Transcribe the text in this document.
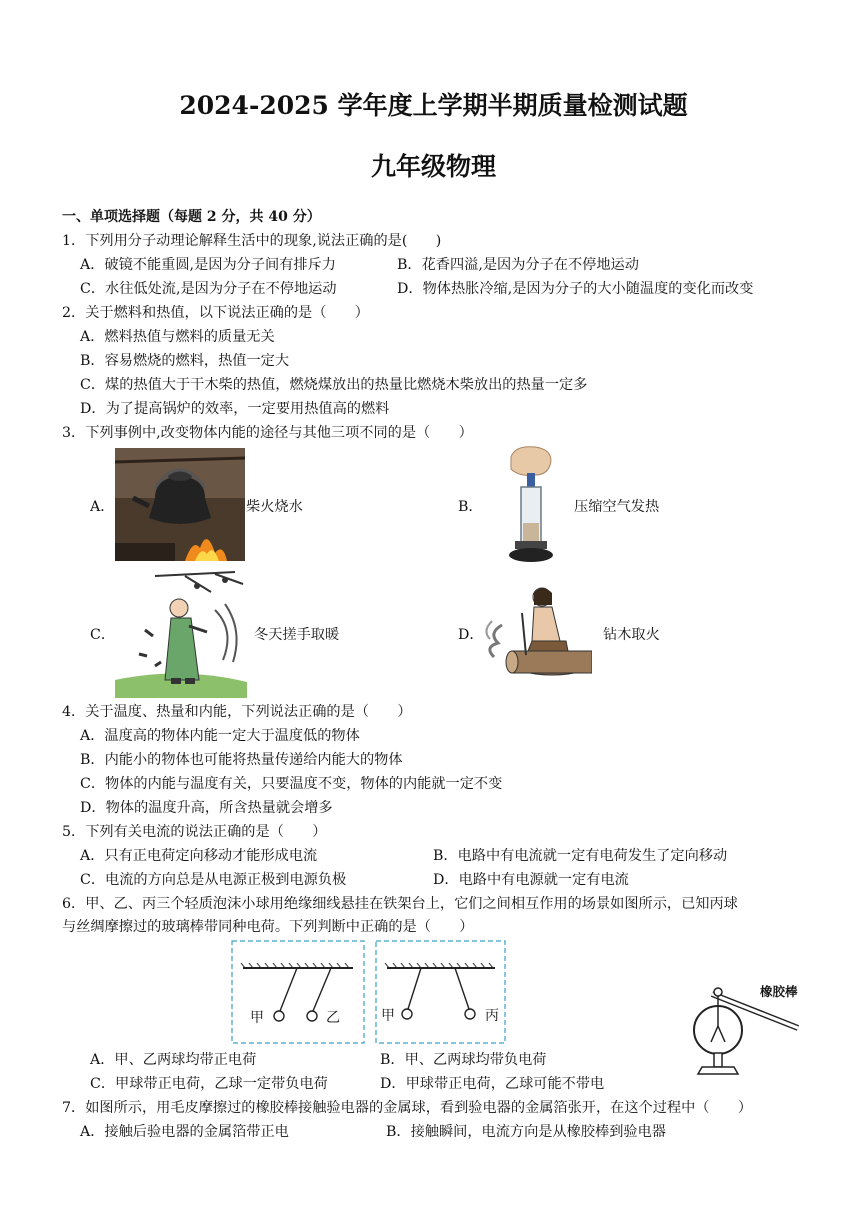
2024-2025 学年度上学期半期质量检测试题
九年级物理
一、单项选择题（每题 2 分，共 40 分）
1．下列用分子动理论解释生活中的现象,说法正确的是(　　)
A．破镜不能重圆,是因为分子间有排斥力	B．花香四溢,是因为分子在不停地运动
C．水往低处流,是因为分子在不停地运动	D．物体热胀冷缩,是因为分子的大小随温度的变化而改变
2．关于燃料和热值，以下说法正确的是（　　）
A．燃料热值与燃料的质量无关
B．容易燃烧的燃料，热值一定大
C．煤的热值大于干木柴的热值，燃烧煤放出的热量比燃烧木柴放出的热量一定多
D．为了提高锅炉的效率，一定要用热值高的燃料
3．下列事例中,改变物体内能的途径与其他三项不同的是（　　）
A．	柴火烧水	B．	压缩空气发热
C．	冬天搓手取暖	D．	钻木取火
4．关于温度、热量和内能，下列说法正确的是（　　）
A．温度高的物体内能一定大于温度低的物体
B．内能小的物体也可能将热量传递给内能大的物体
C．物体的内能与温度有关，只要温度不变，物体的内能就一定不变
D．物体的温度升高，所含热量就会增多
5．下列有关电流的说法正确的是（　　）
A．只有正电荷定向移动才能形成电流	B．电路中有电流就一定有电荷发生了定向移动
C．电流的方向总是从电源正极到电源负极	D．电路中有电源就一定有电流
6．甲、乙、丙三个轻质泡沫小球用绝缘细线悬挂在铁架台上，它们之间相互作用的场景如图所示，已知丙球
与丝绸摩擦过的玻璃棒带同种电荷。下列判断中正确的是（　　）
甲	乙	甲	丙
橡胶棒
A．甲、乙两球均带正电荷	B．甲、乙两球均带负电荷
C．甲球带正电荷，乙球一定带负电荷	D．甲球带正电荷，乙球可能不带电
7．如图所示，用毛皮摩擦过的橡胶棒接触验电器的金属球，看到验电器的金属箔张开，在这个过程中（　　）
A．接触后验电器的金属箔带正电	B．接触瞬间，电流方向是从橡胶棒到验电器
